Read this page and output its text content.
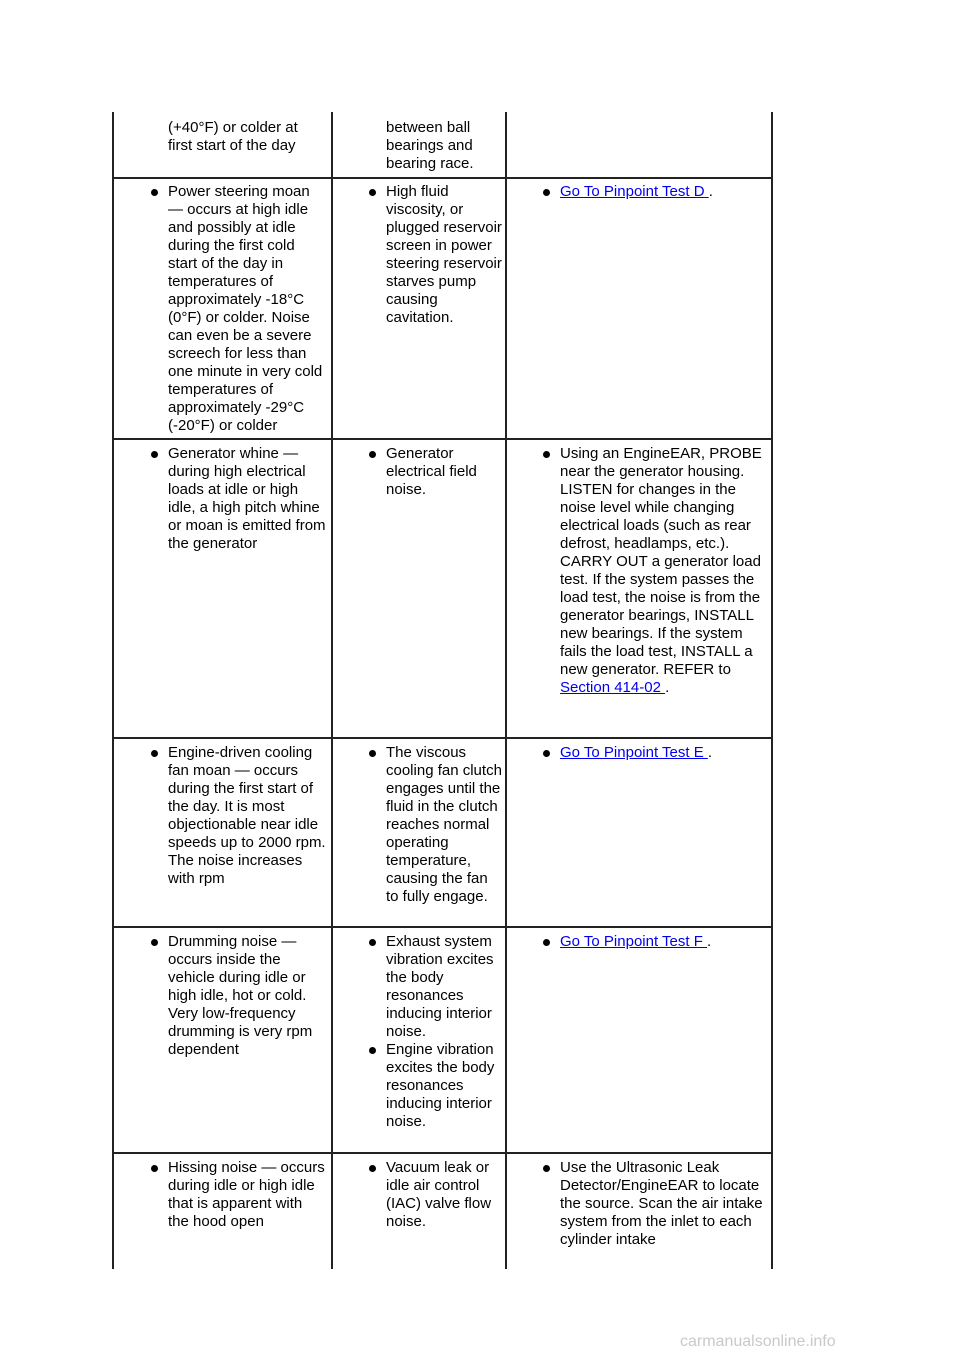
(+40°F) or colder at first start of the day
between ball bearings and bearing race.
Power steering moan — occurs at high idle and possibly at idle during the first cold start of the day in temperatures of approximately -18°C (0°F) or colder. Noise can even be a severe screech for less than one minute in very cold temperatures of approximately -29°C (-20°F) or colder
High fluid viscosity, or plugged reservoir screen in power steering reservoir starves pump causing cavitation.
Go To Pinpoint Test D .
Generator whine — during high electrical loads at idle or high idle, a high pitch whine or moan is emitted from the generator
Generator electrical field noise.
Using an EngineEAR, PROBE near the generator housing. LISTEN for changes in the noise level while changing electrical loads (such as rear defrost, headlamps, etc.). CARRY OUT a generator load test. If the system passes the load test, the noise is from the generator bearings, INSTALL new bearings. If the system fails the load test, INSTALL a new generator. REFER to
Section 414-02 .
Engine-driven cooling fan moan — occurs during the first start of the day. It is most objectionable near idle speeds up to 2000 rpm. The noise increases with rpm
The viscous cooling fan clutch engages until the fluid in the clutch reaches normal operating temperature, causing the fan to fully engage.
Go To Pinpoint Test E .
Drumming noise — occurs inside the vehicle during idle or high idle, hot or cold. Very low-frequency drumming is very rpm dependent
Exhaust system vibration excites the body resonances inducing interior noise.
Engine vibration excites the body resonances inducing interior noise.
Go To Pinpoint Test F .
Hissing noise — occurs during idle or high idle that is apparent with the hood open
Vacuum leak or idle air control (IAC) valve flow noise.
Use the Ultrasonic Leak Detector/EngineEAR to locate the source. Scan the air intake system from the inlet to each cylinder intake
carmanualsonline.info
